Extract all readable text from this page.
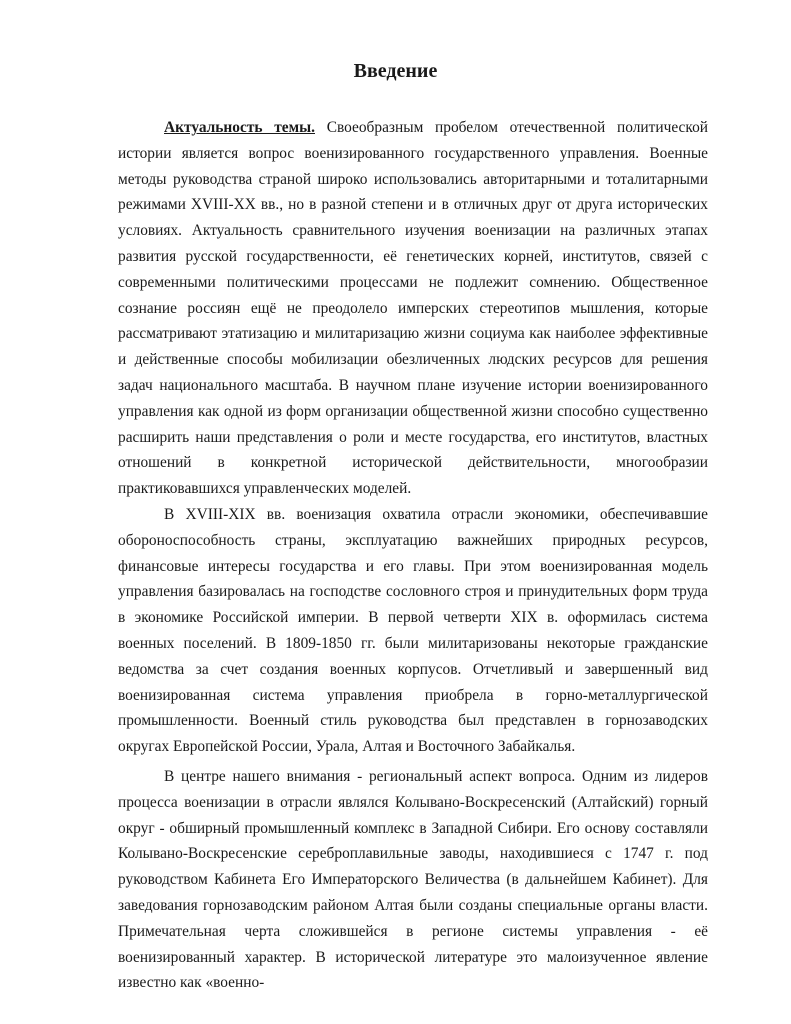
Введение

Актуальность темы. Своеобразным пробелом отечественной политической истории является вопрос военизированного государственного управления. Военные методы руководства страной широко использовались авторитарными и тоталитарными режимами XVIII-XX вв., но в разной степени и в отличных друг от друга исторических условиях. Актуальность сравнительного изучения военизации на различных этапах развития русской государственности, её генетических корней, институтов, связей с современными политическими процессами не подлежит сомнению. Общественное сознание россиян ещё не преодолело имперских стереотипов мышления, которые рассматривают этатизацию и милитаризацию жизни социума как наиболее эффективные и действенные способы мобилизации обезличенных людских ресурсов для решения задач национального масштаба. В научном плане изучение истории военизированного управления как одной из форм организации общественной жизни способно существенно расширить наши представления о роли и месте государства, его институтов, властных отношений в конкретной исторической действительности, многообразии практиковавшихся управленческих моделей.

В XVIII-XIX вв. военизация охватила отрасли экономики, обеспечивавшие обороноспособность страны, эксплуатацию важнейших природных ресурсов, финансовые интересы государства и его главы. При этом военизированная модель управления базировалась на господстве сословного строя и принудительных форм труда в экономике Российской империи. В первой четверти XIX в. оформилась система военных поселений. В 1809-1850 гг. были милитаризованы некоторые гражданские ведомства за счет создания военных корпусов. Отчетливый и завершенный вид военизированная система управления приобрела в горно-металлургической промышленности. Военный стиль руководства был представлен в горнозаводских округах Европейской России, Урала, Алтая и Восточного Забайкалья.

В центре нашего внимания - региональный аспект вопроса. Одним из лидеров процесса военизации в отрасли являлся Колывано-Воскресенский (Алтайский) горный округ - обширный промышленный комплекс в Западной Сибири. Его основу составляли Колывано-Воскресенские сереброплавильные заводы, находившиеся с 1747 г. под руководством Кабинета Его Императорского Величества (в дальнейшем Кабинет). Для заведования горнозаводским районом Алтая были созданы специальные органы власти. Примечательная черта сложившейся в регионе системы управления - её военизированный характер. В исторической литературе это малоизученное явление известно как «военно-
